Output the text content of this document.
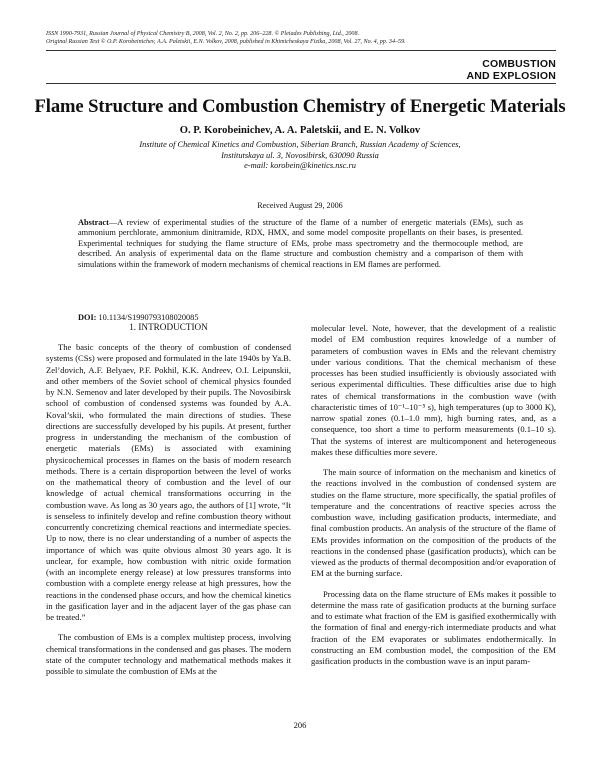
ISSN 1990-7931, Russian Journal of Physical Chemistry B, 2008, Vol. 2, No. 2, pp. 206–228. © Pleiades Publishing, Ltd., 2008.
Original Russian Text © O.P. Korobeinichev, A.A. Paletskii, E.N. Volkov, 2008, published in Khimicheskaya Fizika, 2008, Vol. 27, No. 4, pp. 34–59.
COMBUSTION
AND EXPLOSION
Flame Structure and Combustion Chemistry of Energetic Materials
O. P. Korobeinichev, A. A. Paletskii, and E. N. Volkov
Institute of Chemical Kinetics and Combustion, Siberian Branch, Russian Academy of Sciences,
Institutskaya ul. 3, Novosibirsk, 630090 Russia
e-mail: korobein@kinetics.nsc.ru
Received August 29, 2006
Abstract—A review of experimental studies of the structure of the flame of a number of energetic materials (EMs), such as ammonium perchlorate, ammonium dinitramide, RDX, HMX, and some model composite propellants on their bases, is presented. Experimental techniques for studying the flame structure of EMs, probe mass spectrometry and the thermocouple method, are described. An analysis of experimental data on the flame structure and combustion chemistry and a comparison of them with simulations within the framework of modern mechanisms of chemical reactions in EM flames are performed.
DOI: 10.1134/S1990793108020085

1. INTRODUCTION

The basic concepts of the theory of combustion of condensed systems (CSs) were proposed and formulated in the late 1940s by Ya.B. Zel’dovich, A.F. Belyaev, P.F. Pokhil, K.K. Andreev, O.I. Leipunskii, and other members of the Soviet school of chemical physics founded by N.N. Semenov and later developed by their pupils. The Novosibirsk school of combustion of condensed systems was founded by A.A. Koval’skii, who formulated the main directions of studies. These directions are successfully developed by his pupils. At present, further progress in understanding the mechanism of the combustion of energetic materials (EMs) is associated with examining physicochemical processes in flames on the basis of modern research methods. There is a certain disproportion between the level of works on the mathematical theory of combustion and the level of our knowledge of actual chemical transformations occurring in the combustion wave. As long as 30 years ago, the authors of [1] wrote, “It is senseless to infinitely develop and refine combustion theory without concurrently concretizing chemical reactions and intermediate species. Up to now, there is no clear understanding of a number of aspects the importance of which was quite obvious almost 30 years ago. It is unclear, for example, how combustion with nitric oxide formation (with an incomplete energy release) at low pressures transforms into combustion with a complete energy release at high pressures, how the reactions in the condensed phase occurs, and how the chemical kinetics in the gasification layer and in the adjacent layer of the gas phase can be treated.”

The combustion of EMs is a complex multistep process, involving chemical transformations in the condensed and gas phases. The modern state of the computer technology and mathematical methods makes it possible to simulate the combustion of EMs at the

molecular level. Note, however, that the development of a realistic model of EM combustion requires knowledge of a number of parameters of combustion waves in EMs and the relevant chemistry under various conditions. That the chemical mechanism of these processes has been studied insufficiently is obviously associated with serious experimental difficulties. These difficulties arise due to high rates of chemical transformations in the combustion wave (with characteristic times of 10⁻¹–10⁻⁵ s), high temperatures (up to 3000 K), narrow spatial zones (0.1–1.0 mm), high burning rates, and, as a consequence, too short a time to perform measurements (0.1–10 s). That the systems of interest are multicomponent and heterogeneous makes these difficulties more severe.

The main source of information on the mechanism and kinetics of the reactions involved in the combustion of condensed system are studies on the flame structure, more specifically, the spatial profiles of temperature and the concentrations of reactive species across the combustion wave, including gasification products, intermediate, and final combustion products. An analysis of the structure of the flame of EMs provides information on the composition of the products of the reactions in the condensed phase (gasification products), which can be viewed as the products of thermal decomposition and/or evaporation of EM at the burning surface.

Processing data on the flame structure of EMs makes it possible to determine the mass rate of gasification products at the burning surface and to estimate what fraction of the EM is gasified exothermically with the formation of final and energy-rich intermediate products and what fraction of the EM evaporates or sublimates endothermically. In constructing an EM combustion model, the composition of the EM gasification products in the combustion wave is an input param-

206
